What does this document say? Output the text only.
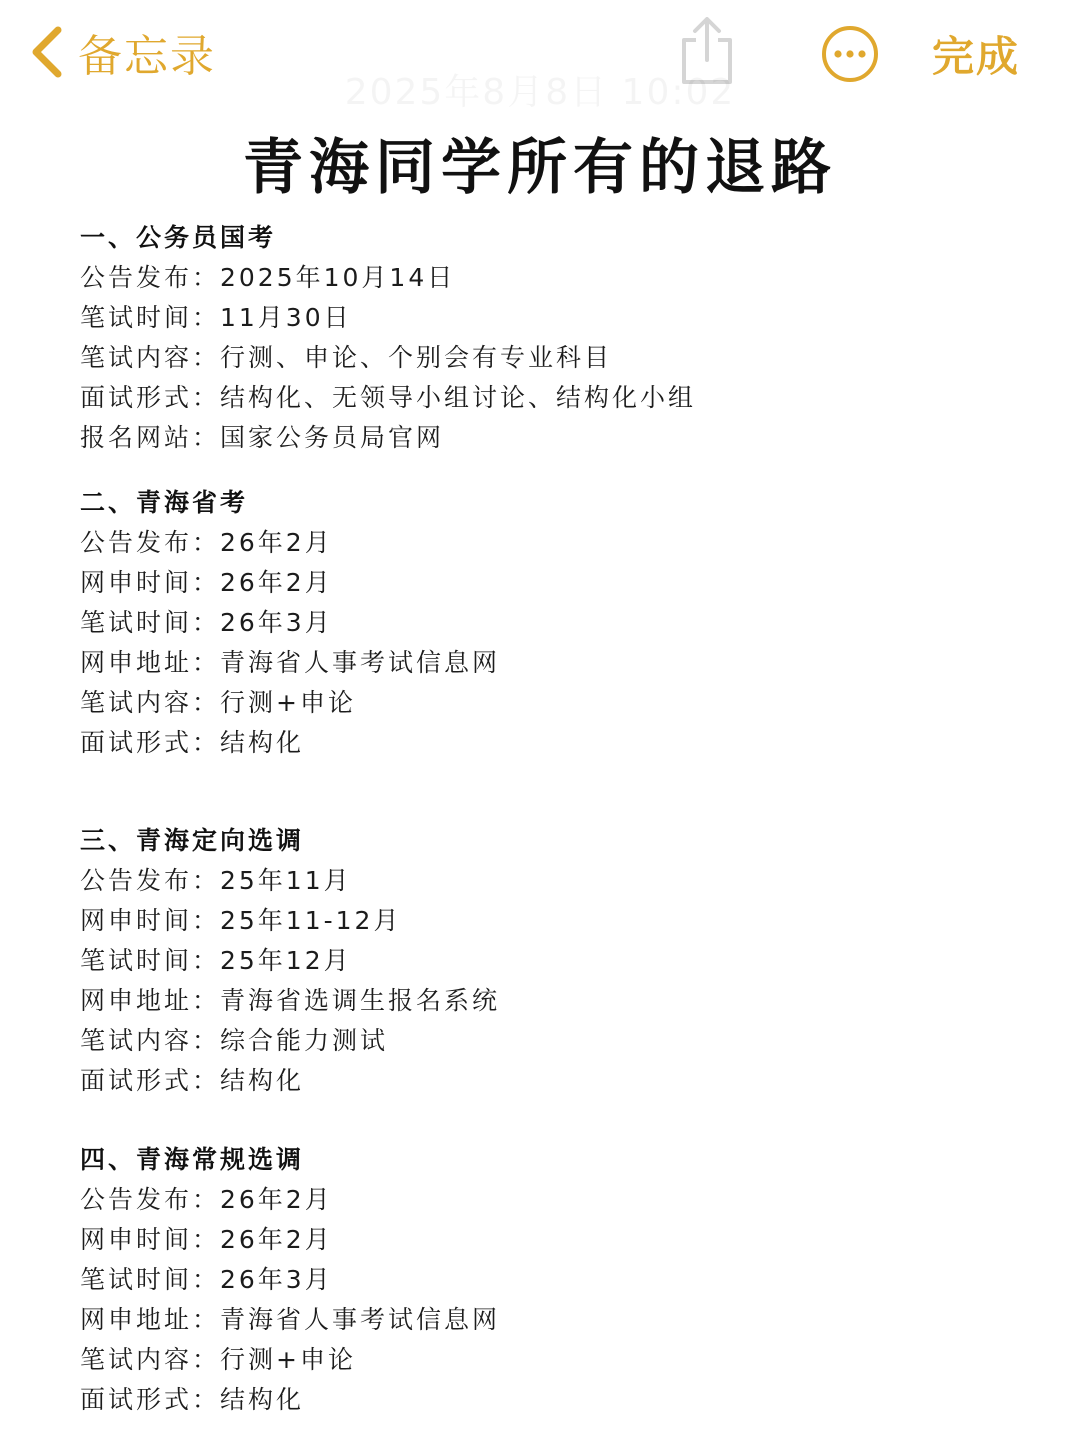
备忘录	完成
青海同学所有的退路
一、公务员国考
公告发布：2025年10月14日
笔试时间：11月30日
笔试内容：行测、申论、个别会有专业科目
面试形式：结构化、无领导小组讨论、结构化小组
报名网站：国家公务员局官网
二、青海省考
公告发布：26年2月
网申时间：26年2月
笔试时间：26年3月
网申地址：青海省人事考试信息网
笔试内容：行测+申论
面试形式：结构化
三、青海定向选调
公告发布：25年11月
网申时间：25年11-12月
笔试时间：25年12月
网申地址：青海省选调生报名系统
笔试内容：综合能力测试
面试形式：结构化
四、青海常规选调
公告发布：26年2月
网申时间：26年2月
笔试时间：26年3月
网申地址：青海省人事考试信息网
笔试内容：行测+申论
面试形式：结构化
